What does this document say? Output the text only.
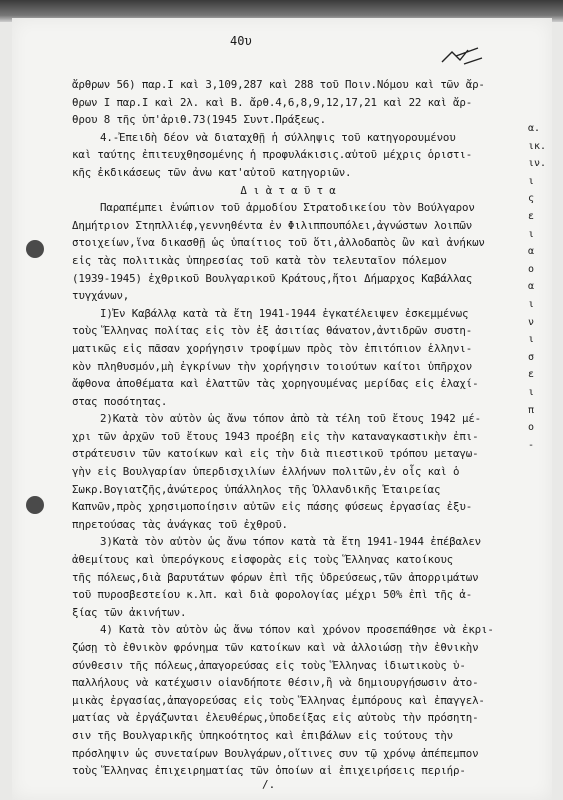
40υ
ἄρθρων 56) παρ.I καὶ 3,109,287 καὶ 288 τοῦ Ποιν.Νόμου καὶ τῶν ἄρ-
θρων I παρ.I καὶ 2λ. καὶ Β. ἄρθ.4,6,8,9,12,17,21 καὶ 22 καὶ ἄρ-
θρου 8 τῆς ὑπ'ἀριθ.73(1945 Συντ.Πράξεως.
4.-Ἐπειδὴ δέον νὰ διαταχθῇ ἡ σύλληψις τοῦ κατηγορουμένου
καὶ ταύτης ἐπιτευχθησομένης ἡ προφυλάκισις.αὐτοῦ μέχρις ὁριστι-
κῆς ἐκδικάσεως τῶν ἀνω κατ'αὐτοῦ κατηγοριῶν.
Δ ι ὰ τ α ῦ τ α
Παραπέμπει ἐνώπιον τοῦ ἁρμοδίου Στρατοδικείου τὸν Βούλγαρον
Δημήτριον Στηπλλιέφ,γεννηθέντα ἐν Φιλιππουπόλει,ἀγνώστων λοιπῶν
στοιχείων,ἵνα δικασθῇ ὡς ὑπαίτιος τοῦ ὅτι,ἀλλοδαπὸς ὢν καὶ ἀνήκων
εἰς τὰς πολιτικὰς ὑπηρεσίας τοῦ κατὰ τὸν τελευταῖον πόλεμον
(1939-1945) ἐχθρικοῦ Βουλγαρικοῦ Κράτους,ἤτοι Δήμαρχος Καβάλλας
τυγχάνων,
Ι)Ἐν Καβάλλᾳ κατὰ τὰ ἔτη 1941-1944 ἐγκατέλειψεν ἐσκεμμένως
τοὺς Ἕλληνας πολίτας εἰς τὸν ἐξ ἀσιτίας θάνατον,ἀντιδρῶν συστη-
ματικῶς εἰς πᾶσαν χορήγησιν τροφίμων πρὸς τὸν ἐπιτόπιον ἑλληνι-
κὸν πληθυσμόν,μὴ ἐγκρίνων τὴν χορήγησιν τοιούτων καίτοι ὑπῆρχον
ἄφθονα ἀποθέματα καὶ ἐλαττῶν τὰς χορηγουμένας μερίδας εἰς ἐλαχί-
στας ποσότητας.
2)Κατὰ τὸν αὐτὸν ὡς ἄνω τόπον ἀπὸ τὰ τέλη τοῦ ἔτους 1942 μέ-
χρι τῶν ἀρχῶν τοῦ ἔτους 1943 προέβη εἰς τὴν καταναγκαστικὴν ἐπι-
στράτευσιν τῶν κατοίκων καὶ εἰς τὴν διὰ πιεστικοῦ τρόπου μεταγω-
γὴν εἰς Βουλγαρίαν ὑπερδισχιλίων ἑλλήνων πολιτῶν,ἐν οἷς καὶ ὁ
Σωκρ.Βογιατζῆς,ἀνώτερος ὑπάλληλος τῆς Ὁλλανδικῆς Ἑταιρείας
Καπνῶν,πρὸς χρησιμοποίησιν αὐτῶν εἰς πάσης φύσεως ἐργασίας ἐξυ-
πηρετούσας τὰς ἀνάγκας τοῦ ἐχθροῦ.
3)Κατὰ τὸν αὐτὸν ὡς ἄνω τόπον κατὰ τὰ ἔτη 1941-1944 ἐπέβαλεν
ἀθεμίτους καὶ ὑπερόγκους εἰσφορὰς εἰς τοὺς Ἕλληνας κατοίκους
τῆς πόλεως,διὰ βαρυτάτων φόρων ἐπὶ τῆς ὑδρεύσεως,τῶν ἀπορριμάτων
τοῦ πυροσβεστείου κ.λπ. καὶ διὰ φορολογίας μέχρι 50% ἐπὶ τῆς ἀ-
ξίας τῶν ἀκινήτων.
4) Κατὰ τὸν αὐτὸν ὡς ἄνω τόπον καὶ χρόνον προσεπάθησε νὰ ἐκρι-
ζώσῃ τὸ ἐθνικὸν φρόνημα τῶν κατοίκων καὶ νὰ ἀλλοιώσῃ τὴν ἐθνικὴν
σύνθεσιν τῆς πόλεως,ἀπαγορεύσας εἰς τοὺς Ἕλληνας ἰδιωτικοὺς ὑ-
παλλήλους νὰ κατέχωσιν οἱανδήποτε θέσιν,ἢ νὰ δημιουργήσωσιν ἀτο-
μικὰς ἐργασίας,ἀπαγορεύσας εἰς τοὺς Ἕλληνας ἐμπόρους καὶ ἐπαγγελ-
ματίας νὰ ἐργάζωνται ἐλευθέρως,ὑποδείξας εἰς αὐτοὺς τὴν πρόσητη-
σιν τῆς Βουλγαρικῆς ὑπηκοότητος καὶ ἐπιβάλων εἰς τούτους τὴν
πρόσληψιν ὡς συνεταίρων Βουλγάρων,οἵτινες συν τῷ χρόνῳ ἀπέπεμπον
τοὺς Ἕλληνας ἐπιχειρηματίας τῶν ὁποίων αἱ ἐπιχειρήσεις περιήρ-
α.
ικ.
ιν.
ι
ς
ε
ι
α
ο
α
ι
ν
ι
σ
ε
ι
π
ο
-
/.
